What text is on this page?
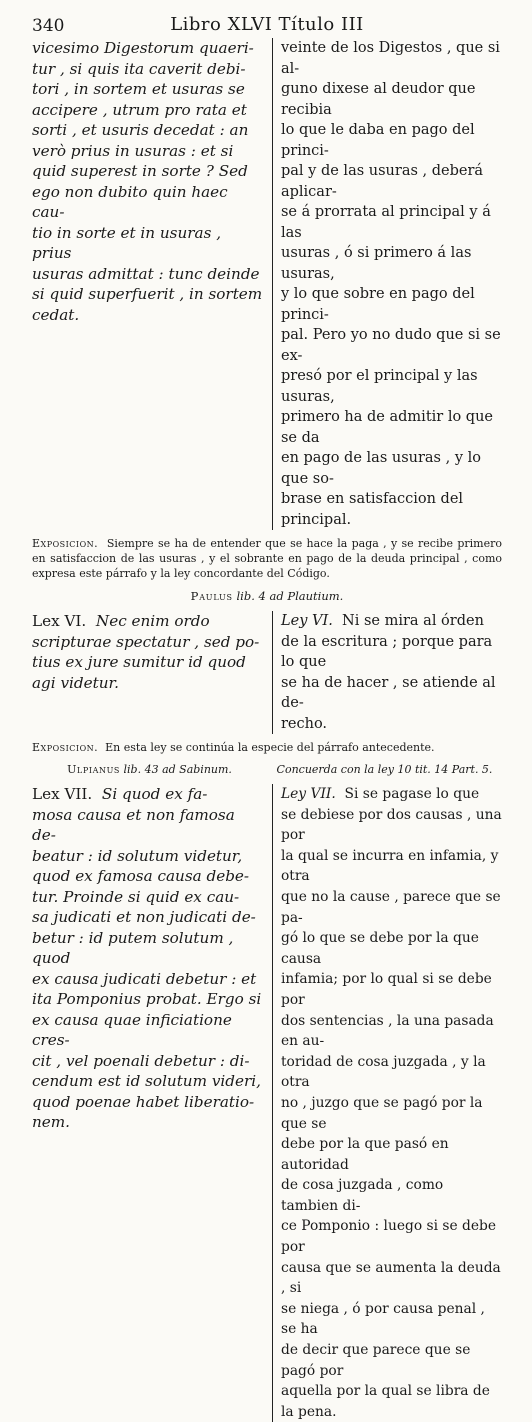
340	Libro XLVI Título III

vicesimo Digestorum quaeri-

tur , si quis ita caverit debi-

tori , in sortem et usuras se

accipere , utrum pro rata et

sorti , et usuris decedat : an

verò prius in usuras : et si

quid superest in sorte ? Sed

ego non dubito quin haec cau-

tio in sorte et in usuras , prius

usuras admittat : tunc deinde

si quid superfuerit , in sortem

cedat.

veinte de los Digestos , que si al-

guno dixese al deudor que recibia

lo que le daba en pago del princi-

pal y de las usuras , deberá aplicar-

se á prorrata al principal y á las

usuras , ó si primero á las usuras,

y lo que sobre en pago del princi-

pal. Pero yo no dudo que si se ex-

presó por el principal y las usuras,

primero ha de admitir lo que se da

en pago de las usuras , y lo que so-

brase en satisfaccion del principal.

Exposicion. Siempre se ha de entender que se hace la paga , y se recibe primero en satisfaccion de las usuras , y el sobrante en pago de la deuda principal , como expresa este párrafo y la ley concordante del Código.

Paulus lib. 4 ad Plautium.

Lex VI.  Nec enim ordo

scripturae spectatur , sed po-

tius ex jure sumitur id quod

agi videtur.

Ley VI.  Ni se mira al órden

de la escritura ; porque para lo que

se ha de hacer , se atiende al de-

recho.

Exposicion. En esta ley se continúa la especie del párrafo antecedente.

Ulpianus lib. 43 ad Sabinum.	Concuerda con la ley 10 tit. 14 Part. 5.

Lex VII.  Si quod ex fa-

mosa causa et non famosa de-

beatur : id solutum videtur,

quod ex famosa causa debe-

tur. Proinde si quid ex cau-

sa judicati et non judicati de-

betur : id putem solutum , quod

ex causa judicati debetur : et

ita Pomponius probat. Ergo si

ex causa quae inficiatione cres-

cit , vel poenali debetur : di-

cendum est id solutum videri,

quod poenae habet liberatio-

nem.

Ley VII.  Si se pagase lo que

se debiese por dos causas , una por

la qual se incurra en infamia, y otra

que no la cause , parece que se pa-

gó lo que se debe por la que causa

infamia; por lo qual si se debe por

dos sentencias , la una pasada en au-

toridad de cosa juzgada , y la otra

no , juzgo que se pagó por la que se

debe por la que pasó en autoridad

de cosa juzgada , como tambien di-

ce Pomponio : luego si se debe por

causa que se aumenta la deuda , si

se niega , ó por causa penal , se ha

de decir que parece que se pagó por

aquella por la qual se libra de la pena.
